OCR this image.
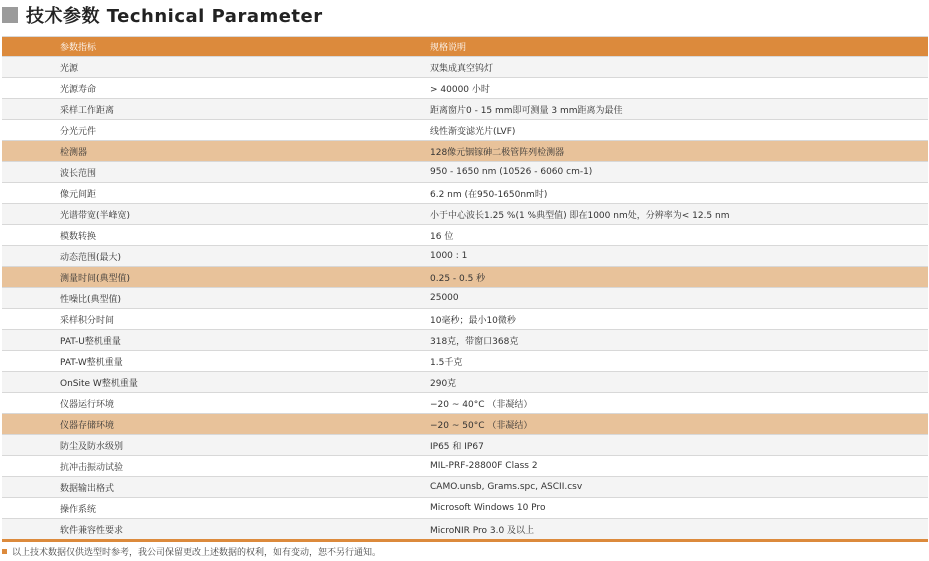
技术参数 Technical Parameter
参数指标	规格说明
光源	双集成真空钨灯
光源寿命	> 40000 小时
采样工作距离	距离窗片0 - 15 mm即可测量 3 mm距离为最佳
分光元件	线性渐变滤光片(LVF)
检测器	128像元铟镓砷二极管阵列检测器
波长范围	950 - 1650 nm (10526 - 6060 cm-1)
像元间距	6.2 nm (在950-1650nm时)
光谱带宽(半峰宽)	小于中心波长1.25 %(1 %典型值) 即在1000 nm处，分辨率为< 12.5 nm
模数转换	16 位
动态范围(最大)	1000 : 1
测量时间(典型值)	0.25 - 0.5 秒
性噪比(典型值)	25000
采样积分时间	10毫秒；最小10微秒
PAT-U整机重量	318克，带窗口368克
PAT-W整机重量	1.5千克
OnSite W整机重量	290克
仪器运行环境	−20 ~ 40°C （非凝结）
仪器存储环境	−20 ~ 50°C （非凝结）
防尘及防水级别	IP65 和 IP67
抗冲击振动试验	MIL-PRF-28800F Class 2
数据输出格式	CAMO.unsb, Grams.spc, ASCII.csv
操作系统	Microsoft Windows 10 Pro
软件兼容性要求	MicroNIR Pro 3.0 及以上
以上技术数据仅供选型时参考，我公司保留更改上述数据的权利，如有变动，恕不另行通知。
